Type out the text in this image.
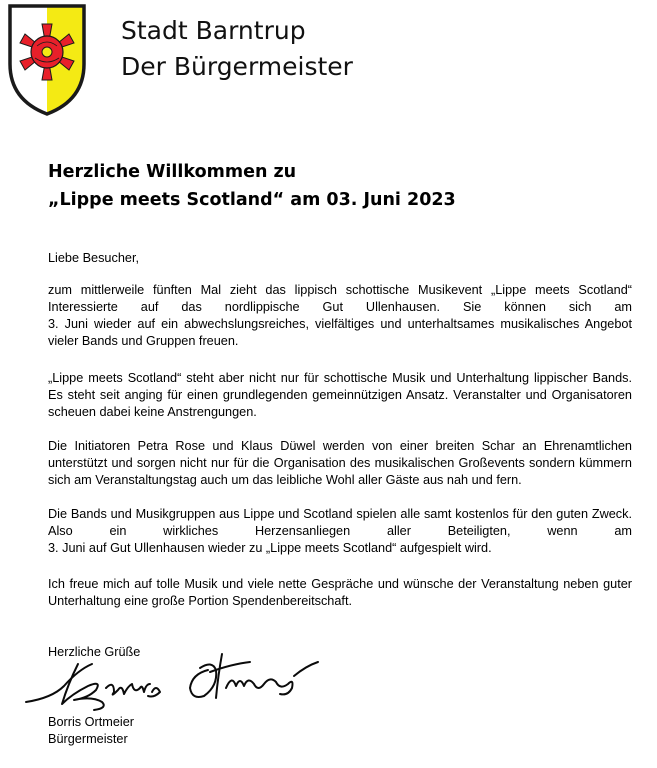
Stadt Barntrup
Der Bürgermeister
Herzliche Willkommen zu
„Lippe meets Scotland“ am 03. Juni 2023
Liebe Besucher,
zum mittlerweile fünften Mal zieht das lippisch schottische Musikevent „Lippe meets Scotland“
Interessierte auf das nordlippische Gut Ullenhausen. Sie können sich am
3. Juni wieder auf ein abwechslungsreiches, vielfältiges und unterhaltsames musikalisches Angebot
vieler Bands und Gruppen freuen.
„Lippe meets Scotland“ steht aber nicht nur für schottische Musik und Unterhaltung lippischer Bands.
Es steht seit anging für einen grundlegenden gemeinnützigen Ansatz. Veranstalter und Organisatoren
scheuen dabei keine Anstrengungen.
Die Initiatoren Petra Rose und Klaus Düwel werden von einer breiten Schar an Ehrenamtlichen
unterstützt und sorgen nicht nur für die Organisation des musikalischen Großevents sondern kümmern
sich am Veranstaltungstag auch um das leibliche Wohl aller Gäste aus nah und fern.
Die Bands und Musikgruppen aus Lippe und Scotland spielen alle samt kostenlos für den guten Zweck.
Also ein wirkliches Herzensanliegen aller Beteiligten, wenn am
3. Juni auf Gut Ullenhausen wieder zu „Lippe meets Scotland“ aufgespielt wird.
Ich freue mich auf tolle Musik und viele nette Gespräche und wünsche der Veranstaltung neben guter
Unterhaltung eine große Portion Spendenbereitschaft.
Herzliche Grüße
Borris Ortmeier
Bürgermeister
